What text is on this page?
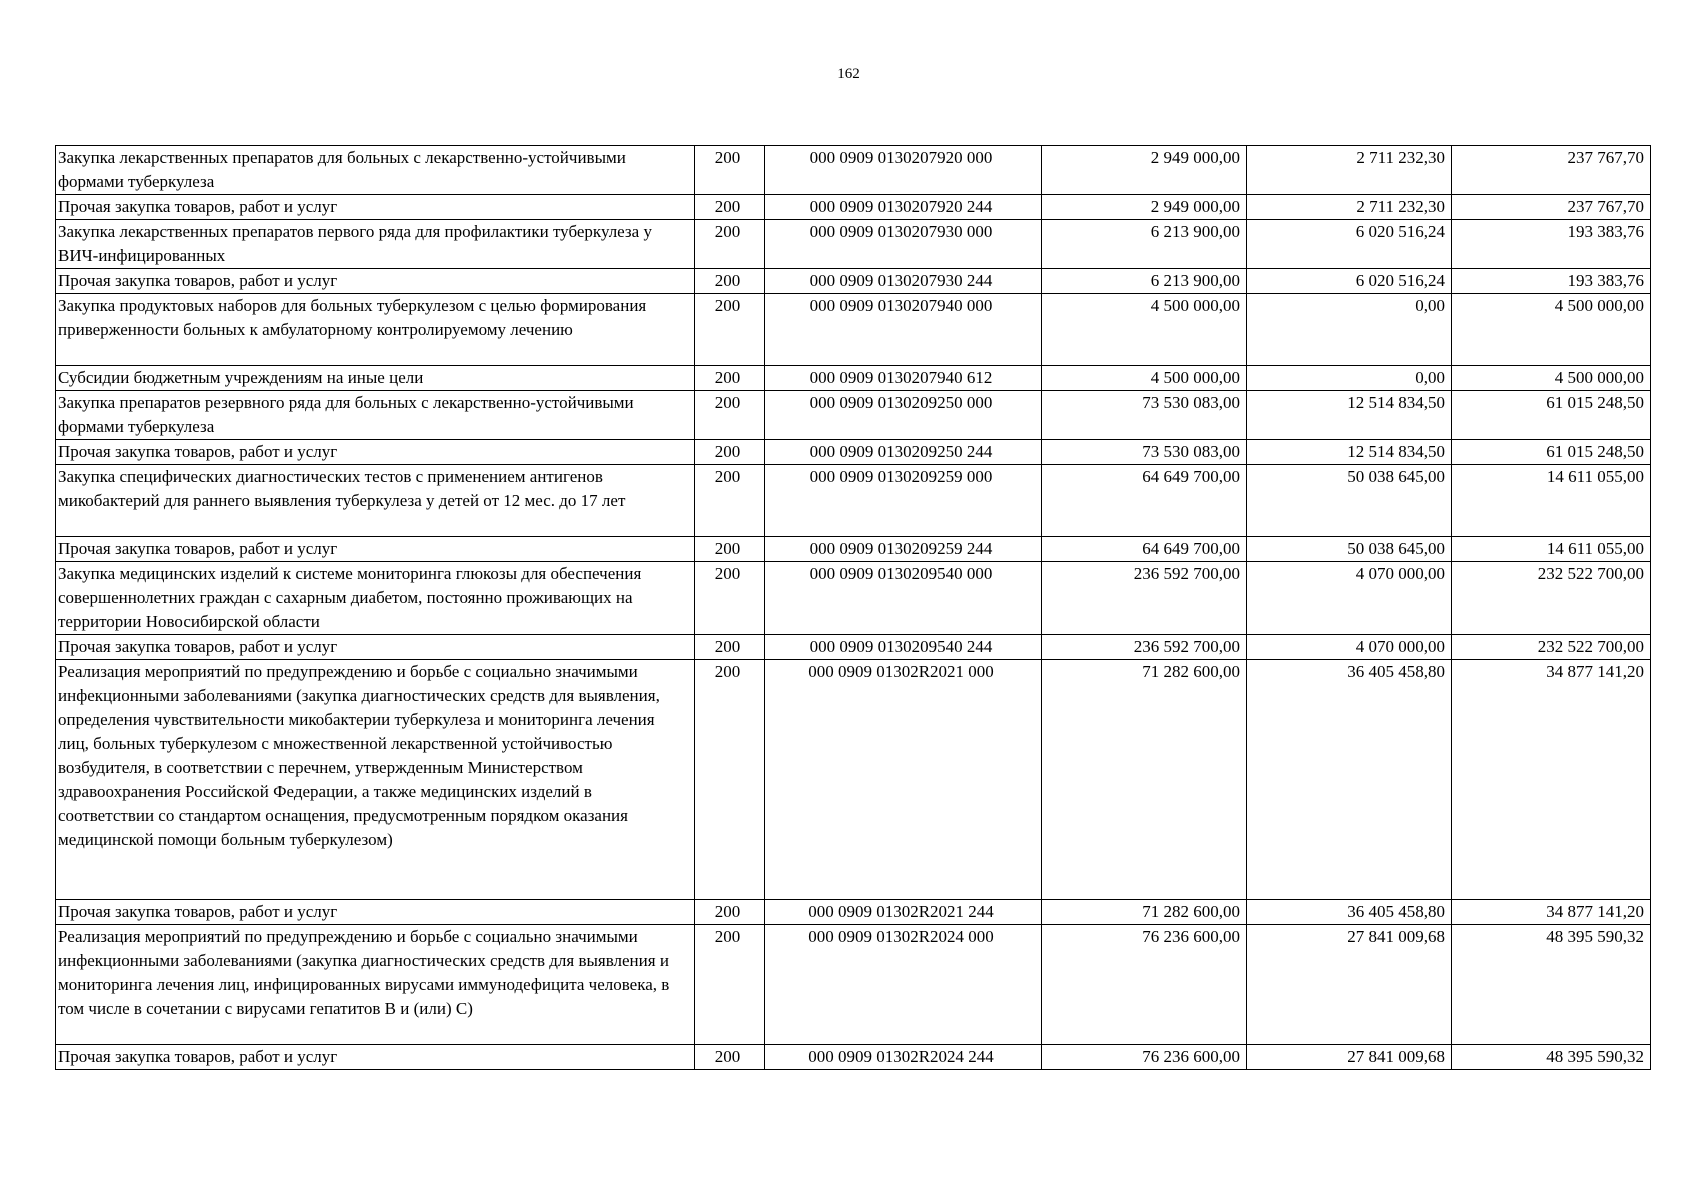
162
Закупка лекарственных препаратов для больных с лекарственно-устойчивыми формами туберкулеза	200	000 0909 0130207920 000	2 949 000,00	2 711 232,30	237 767,70
Прочая закупка товаров, работ и услуг	200	000 0909 0130207920 244	2 949 000,00	2 711 232,30	237 767,70
Закупка лекарственных препаратов первого ряда для профилактики туберкулеза у ВИЧ-инфицированных	200	000 0909 0130207930 000	6 213 900,00	6 020 516,24	193 383,76
Прочая закупка товаров, работ и услуг	200	000 0909 0130207930 244	6 213 900,00	6 020 516,24	193 383,76
Закупка продуктовых наборов для больных туберкулезом с целью формирования приверженности больных к амбулаторному контролируемому лечению	200	000 0909 0130207940 000	4 500 000,00	0,00	4 500 000,00
Субсидии бюджетным учреждениям на иные цели	200	000 0909 0130207940 612	4 500 000,00	0,00	4 500 000,00
Закупка препаратов резервного ряда для больных с лекарственно-устойчивыми формами туберкулеза	200	000 0909 0130209250 000	73 530 083,00	12 514 834,50	61 015 248,50
Прочая закупка товаров, работ и услуг	200	000 0909 0130209250 244	73 530 083,00	12 514 834,50	61 015 248,50
Закупка специфических диагностических тестов с применением антигенов микобактерий для раннего выявления туберкулеза у детей от 12 мес. до 17 лет	200	000 0909 0130209259 000	64 649 700,00	50 038 645,00	14 611 055,00
Прочая закупка товаров, работ и услуг	200	000 0909 0130209259 244	64 649 700,00	50 038 645,00	14 611 055,00
Закупка медицинских изделий к системе мониторинга глюкозы для обеспечения совершеннолетних граждан с сахарным диабетом, постоянно проживающих на территории Новосибирской области	200	000 0909 0130209540 000	236 592 700,00	4 070 000,00	232 522 700,00
Прочая закупка товаров, работ и услуг	200	000 0909 0130209540 244	236 592 700,00	4 070 000,00	232 522 700,00
Реализация мероприятий по предупреждению и борьбе с социально значимыми инфекционными заболеваниями (закупка диагностических средств для выявления, определения чувствительности микобактерии туберкулеза и мониторинга лечения лиц, больных туберкулезом с множественной лекарственной устойчивостью возбудителя, в соответствии с перечнем, утвержденным Министерством здравоохранения Российской Федерации, а также медицинских изделий в соответствии со стандартом оснащения, предусмотренным порядком оказания медицинской помощи больным туберкулезом)	200	000 0909 01302R2021 000	71 282 600,00	36 405 458,80	34 877 141,20
Прочая закупка товаров, работ и услуг	200	000 0909 01302R2021 244	71 282 600,00	36 405 458,80	34 877 141,20
Реализация мероприятий по предупреждению и борьбе с социально значимыми инфекционными заболеваниями (закупка диагностических средств для выявления и мониторинга лечения лиц, инфицированных вирусами иммунодефицита человека, в том числе в сочетании с вирусами гепатитов B и (или) C)	200	000 0909 01302R2024 000	76 236 600,00	27 841 009,68	48 395 590,32
Прочая закупка товаров, работ и услуг	200	000 0909 01302R2024 244	76 236 600,00	27 841 009,68	48 395 590,32
